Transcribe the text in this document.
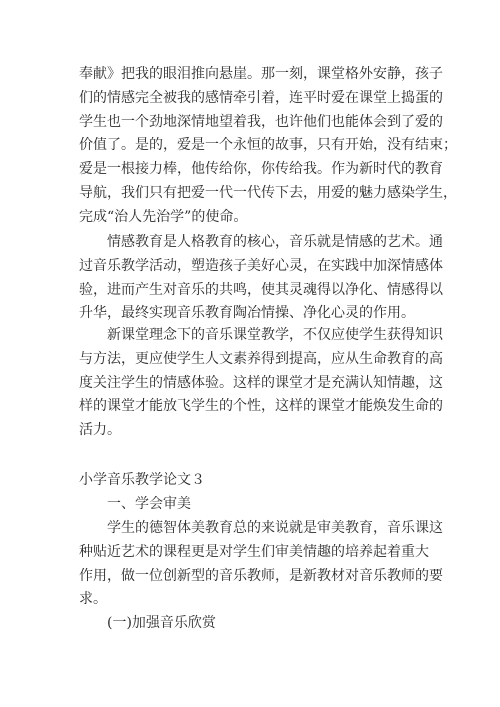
奉献》把我的眼泪推向悬崖。那一刻，课堂格外安静，孩子
们的情感完全被我的感情牵引着，连平时爱在课堂上捣蛋的
学生也一个劲地深情地望着我，也许他们也能体会到了爱的
价值了。是的，爱是一个永恒的故事，只有开始，没有结束；
爱是一根接力棒，他传给你，你传给我。作为新时代的教育
导航，我们只有把爱一代一代传下去，用爱的魅力感染学生，
完成“治人先治学”的使命。
　　情感教育是人格教育的核心，音乐就是情感的艺术。通
过音乐教学活动，塑造孩子美好心灵，在实践中加深情感体
验，进而产生对音乐的共鸣，使其灵魂得以净化、情感得以
升华，最终实现音乐教育陶冶情操、净化心灵的作用。
　　新课堂理念下的音乐课堂教学，不仅应使学生获得知识
与方法，更应使学生人文素养得到提高，应从生命教育的高
度关注学生的情感体验。这样的课堂才是充满认知情趣，这
样的课堂才能放飞学生的个性，这样的课堂才能焕发生命的
活力。
小学音乐教学论文３
一、学会审美
　　学生的德智体美教育总的来说就是审美教育，音乐课这
种贴近艺术的课程更是对学生们审美情趣的培养起着重大
作用，做一位创新型的音乐教师，是新教材对音乐教师的要
求。
(一)加强音乐欣赏
